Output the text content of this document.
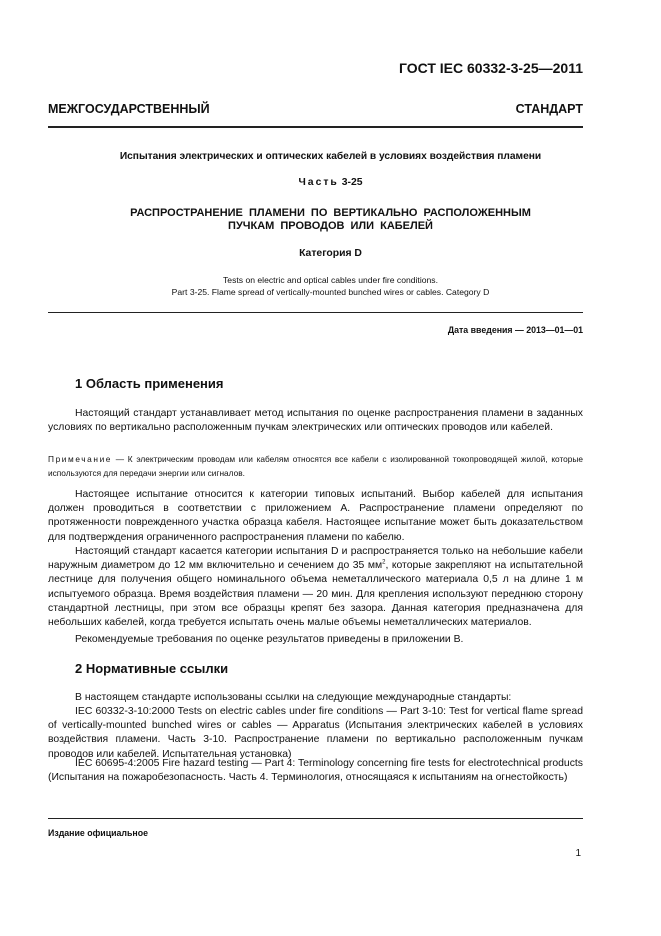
ГОСТ IEC 60332-3-25—2011
МЕЖГОСУДАРСТВЕННЫЙ СТАНДАРТ
Испытания электрических и оптических кабелей в условиях воздействия пламени
Часть 3-25
РАСПРОСТРАНЕНИЕ ПЛАМЕНИ ПО ВЕРТИКАЛЬНО РАСПОЛОЖЕННЫМ
ПУЧКАМ ПРОВОДОВ ИЛИ КАБЕЛЕЙ
Категория D
Tests on electric and optical cables under fire conditions.
Part 3-25. Flame spread of vertically-mounted bunched wires or cables. Category D
Дата введения — 2013—01—01
1 Область применения

Настоящий стандарт устанавливает метод испытания по оценке распространения пламени в заданных условиях по вертикально расположенным пучкам электрических или оптических проводов или кабелей.

Примечание — К электрическим проводам или кабелям относятся все кабели с изолированной токопроводящей жилой, которые используются для передачи энергии или сигналов.

Настоящее испытание относится к категории типовых испытаний. Выбор кабелей для испытания должен проводиться в соответствии с приложением А. Распространение пламени определяют по протяженности поврежденного участка образца кабеля. Настоящее испытание может быть доказательством для подтверждения ограниченного распространения пламени по кабелю.

Настоящий стандарт касается категории испытания D и распространяется только на небольшие кабели наружным диаметром до 12 мм включительно и сечением до 35 $мм^2$, которые закрепляют на испытательной лестнице для получения общего номинального объема неметаллического материала 0,5 л на длине 1 м испытуемого образца. Время воздействия пламени — 20 мин. Для крепления используют переднюю сторону стандартной лестницы, при этом все образцы крепят без зазора. Данная категория предназначена для небольших кабелей, когда требуется испытать очень малые объемы неметаллических материалов.

Рекомендуемые требования по оценке результатов приведены в приложении В.

2 Нормативные ссылки

В настоящем стандарте использованы ссылки на следующие международные стандарты:

IEC 60332-3-10:2000 Tests on electric cables under fire conditions — Part 3-10: Test for vertical flame spread of vertically-mounted bunched wires or cables — Apparatus (Испытания электрических кабелей в условиях воздействия пламени. Часть 3-10. Распространение пламени по вертикально расположенным пучкам проводов или кабелей. Испытательная установка)

IEC 60695-4:2005 Fire hazard testing — Part 4: Terminology concerning fire tests for electrotechnical products (Испытания на пожаробезопасность. Часть 4. Терминология, относящаяся к испытаниям на огнестойкость)

Издание официальное
1
